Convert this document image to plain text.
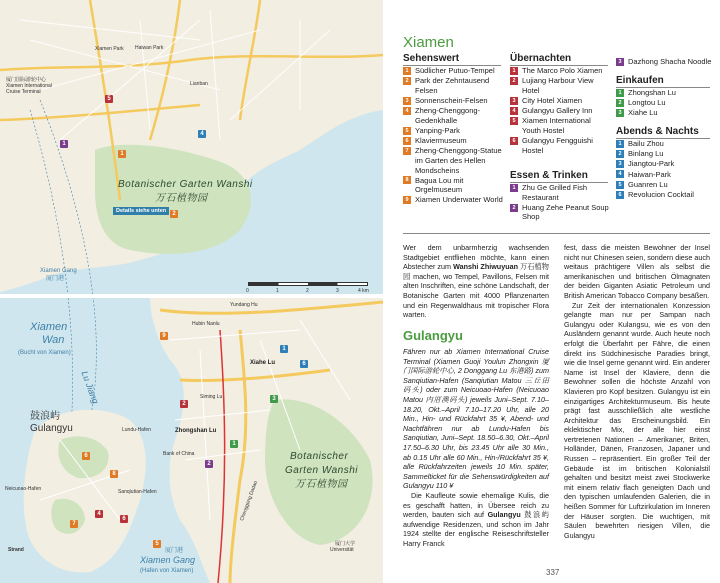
厦门国际游轮中心
Xiamen International
Cruise Terminal
Xiamen Park
Lianban
Haiwan Park
Botanischer Garten Wanshi
万石植物园
Details siehe unten
Xiamen Gang
厦门港
0	1	2	3	4 km
1
2
4
5
1
Xiamen
Wan
(Bucht von Xiamen)
Lu Jiang
鼓浪屿
Gulangyu
Hubin Nanlu
Yundang Hu
Xiahe Lu
Zhongshan Lu
Siming Lu
Lundu-Hafen
Sanqiutian-Hafen
Neicuoao-Hafen
Bank of China
Strand
Botanischer
Garten Wanshi
万石植物园
Chenggong Dadao
厦门大学
Universität
厦门港
Xiamen Gang
(Hafen von Xiamen)
6
7
8
9
4
6
2
1
3
1
6
2
5
Xiamen
Sehenswert
1 Südlicher Putuo-Tempel
2 Park der Zehntausend Felsen
3 Sonnenschein-Felsen
4 Zheng-Chenggong-Gedenkhalle
5 Yanping-Park
6 Klaviermuseum
7 Zheng-Chenggong-Statue im Garten des Hellen Mondscheins
8 Bagua Lou mit Orgelmuseum
9 Xiamen Underwater World
Übernachten
1 The Marco Polo Xiamen
2 Lujiang Harbour View Hotel
3 City Hotel Xiamen
4 Gulangyu Gallery Inn
5 Xiamen International Youth Hostel
6 Gulangyu Fengguishi Hostel
Essen & Trinken
1 Zhu Ge Grilled Fish Restaurant
2 Huang Zehe Peanut Soup Shop
3 Dazhong Shacha Noodle
Einkaufen
1 Zhongshan Lu
2 Longtou Lu
3 Xiahe Lu
Abends & Nachts
1 Bailu Zhou
2 Binlang Lu
3 Jiangtou-Park
4 Haiwan-Park
5 Guanren Lu
6 Revolucion Cocktail

Wer dem unbarmherzig wachsenden Stadtgebiet entfliehen möchte, kann einen Abstecher zum Wanshi Zhiwuyuan 万石植物园 machen, wo Tempel, Pavillons, Felsen mit alten Inschriften, eine schöne Landschaft, der Botanische Garten mit 4000 Pflanzenarten und ein Regenwaldhaus mit tropischer Flora warten.

Gulangyu

Fähren nur ab Xiamen International Cruise Terminal (Xiamen Guoji Youlun Zhongxin 厦门国际游轮中心, 2 Donggang Lu 东港路) zum Sanqiutian-Hafen (Sanqiutian Matou 三丘田码头) oder zum Neicuoao-Hafen (Neicuoao Matou 内厝澳码头) jeweils Juni–Sept. 7.10–18.20, Okt.–April 7.10–17.20 Uhr, alle 20 Min., Hin- und Rückfahrt 35 ¥, Abend- und Nachtfähren nur ab Lundu-Hafen bis Sanqiutian, Juni–Sept. 18.50–6.30, Okt.–April 17.50–6.30 Uhr, bis 23.45 Uhr alle 30 Min., ab 0.15 Uhr alle 60 Min., Hin-/Rückfahrt 35 ¥, alle Rückfahrzeiten jeweils 10 Min. später, Sammelticket für die Sehenswürdigkeiten auf Gulangyu 110 ¥

Die Kaufleute sowie ehemalige Kulis, die es geschafft hatten, in Übersee reich zu werden, bauten sich auf Gulangyu 鼓浪屿 aufwendige Residenzen, und schon im Jahr 1924 stellte der englische Reiseschriftsteller Harry Franck

fest, dass die meisten Bewohner der Insel nicht nur Chinesen seien, sondern diese auch weitaus prächtigere Villen als selbst die amerikanischen und britischen Ölmagnaten der beiden Giganten Asiatic Petroleum und British American Tobacco Company besäßen.

Zur Zeit der internationalen Konzession gelangte man nur per Sampan nach Gulangyu oder Kulangsu, wie es von den Ausländern genannt wurde. Auch heute noch erfolgt die Überfahrt per Fähre, die einen direkt ins Südchinesische Paradies bringt, wie die Insel gerne genannt wird. Ein anderer Name ist Insel der Klaviere, denn die Bewohner sollen die höchste Anzahl von Klavieren pro Kopf besitzen. Gulangyu ist ein einzigartiges Architekturmuseum. Bis heute prägt fast ausschließlich alte westliche Architektur das Erscheinungsbild. Ein eklektischer Mix, der alle hier einst vertretenen Nationen – Amerikaner, Briten, Holländer, Dänen, Franzosen, Japaner und Russen – repräsentiert. Ein großer Teil der Gebäude ist im britischen Kolonialstil gehalten und besitzt meist zwei Stockwerke mit einem relativ flach geneigten Dach und den typischen umlaufenden Galerien, die in heißen Sommer für Luftzirkulation im Inneren der Häuser sorgten. Die wuchtigen, mit Säulen bewehrten riesigen Villen, die Gulangyu

337
